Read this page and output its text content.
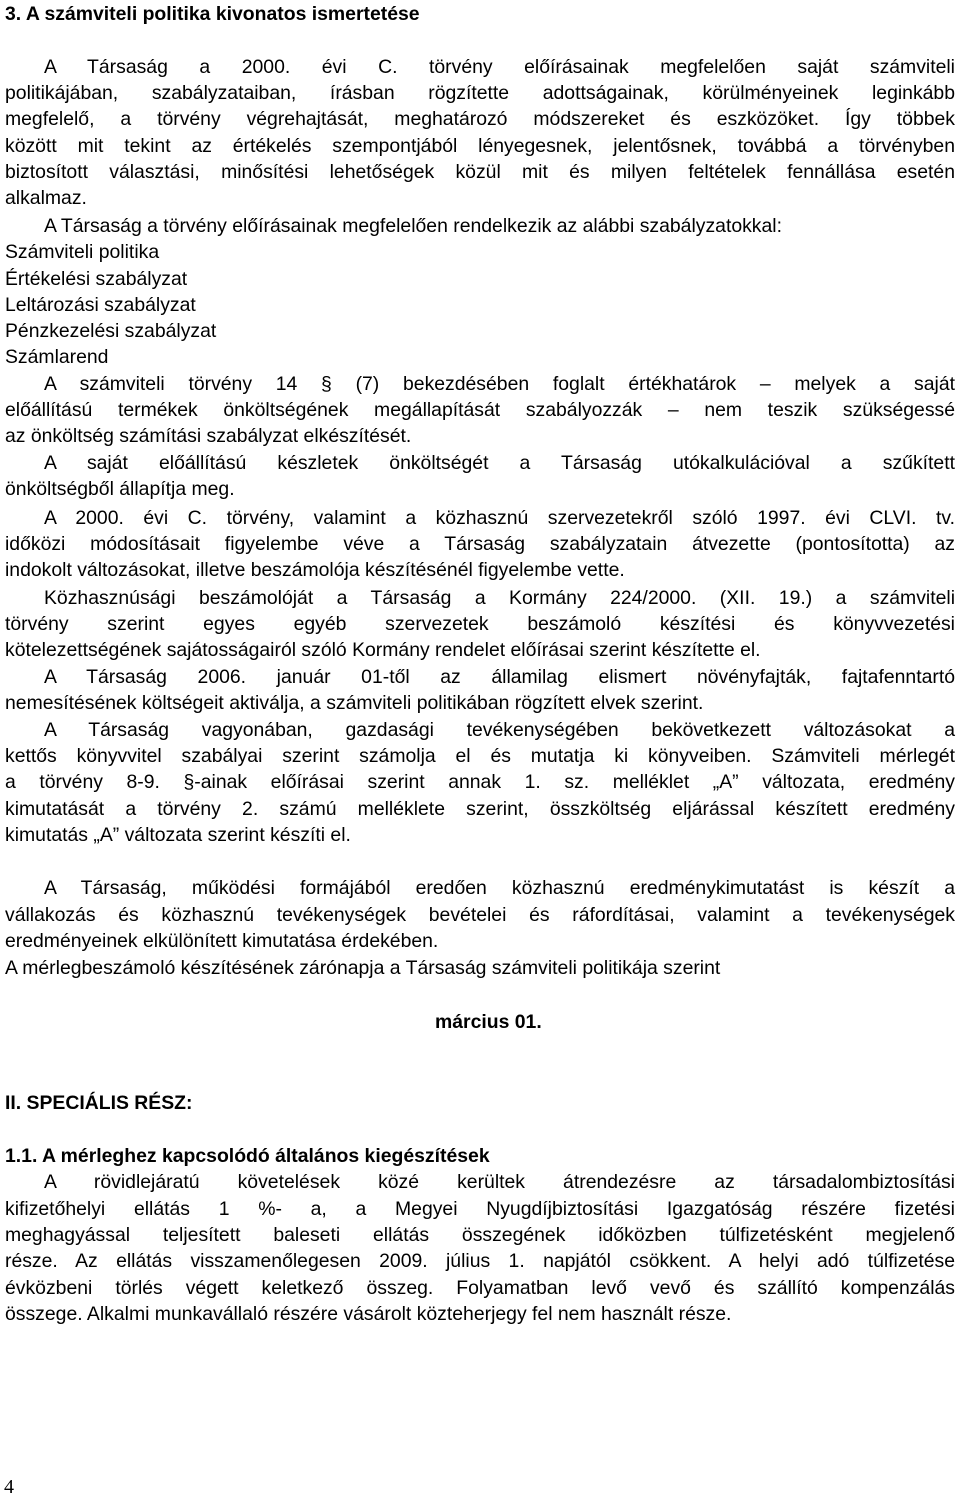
3. A számviteli politika kivonatos ismertetése
A Társaság a 2000. évi C. törvény előírásainak megfelelően saját számviteli
politikájában, szabályzataiban, írásban rögzítette adottságainak, körülményeinek leginkább
megfelelő, a törvény végrehajtását, meghatározó módszereket és eszközöket. Így többek
között mit tekint az értékelés szempontjából lényegesnek, jelentősnek, továbbá a törvényben
biztosított választási, minősítési lehetőségek közül mit és milyen feltételek fennállása esetén
alkalmaz.
A Társaság a törvény előírásainak megfelelően rendelkezik az alábbi szabályzatokkal:
Számviteli politika
Értékelési szabályzat
Leltározási szabályzat
Pénzkezelési szabályzat
Számlarend
A számviteli törvény 14 § (7) bekezdésében foglalt értékhatárok – melyek a saját
előállítású termékek önköltségének megállapítását szabályozzák – nem teszik szükségessé
az önköltség számítási szabályzat elkészítését.
A saját előállítású készletek önköltségét a Társaság utókalkulációval a szűkített
önköltségből állapítja meg.
A 2000. évi C. törvény, valamint a közhasznú szervezetekről szóló 1997. évi CLVI. tv.
időközi módosításait figyelembe véve a Társaság szabályzatain átvezette (pontosította) az
indokolt változásokat, illetve beszámolója készítésénél figyelembe vette.
Közhasznúsági beszámolóját a Társaság a Kormány 224/2000. (XII. 19.) a számviteli
törvény szerint egyes egyéb szervezetek beszámoló készítési és könyvvezetési
kötelezettségének sajátosságairól szóló Kormány rendelet előírásai szerint készítette el.
A Társaság 2006. január 01-től az államilag elismert növényfajták, fajtafenntartó
nemesítésének költségeit aktiválja, a számviteli politikában rögzített elvek szerint.
A Társaság vagyonában, gazdasági tevékenységében bekövetkezett változásokat a
kettős könyvvitel szabályai szerint számolja el és mutatja ki könyveiben. Számviteli mérlegét
a törvény 8-9. §-ainak előírásai szerint annak 1. sz. melléklet „A” változata, eredmény
kimutatását a törvény 2. számú melléklete szerint, összköltség eljárással készített eredmény
kimutatás „A” változata szerint készíti el.
A Társaság, működési formájából eredően közhasznú eredménykimutatást is készít a
vállakozás és közhasznú tevékenységek bevételei és ráfordításai, valamint a tevékenységek
eredményeinek elkülönített kimutatása érdekében.
A mérlegbeszámoló készítésének zárónapja a Társaság számviteli politikája szerint
március 01.
II. SPECIÁLIS RÉSZ:
1.1. A mérleghez kapcsolódó általános kiegészítések
A rövidlejáratú követelések közé kerültek átrendezésre az társadalombiztosítási
kifizetőhelyi ellátás 1 %- a, a Megyei Nyugdíjbiztosítási Igazgatóság részére fizetési
meghagyással teljesített baleseti ellátás összegének időközben túlfizetésként megjelenő
része. Az ellátás visszamenőlegesen 2009. július 1. napjától csökkent. A helyi adó túlfizetése
évközbeni törlés végett keletkező összeg. Folyamatban levő vevő és szállító kompenzálás
összege. Alkalmi munkavállaló részére vásárolt közteherjegy fel nem használt része.
4
